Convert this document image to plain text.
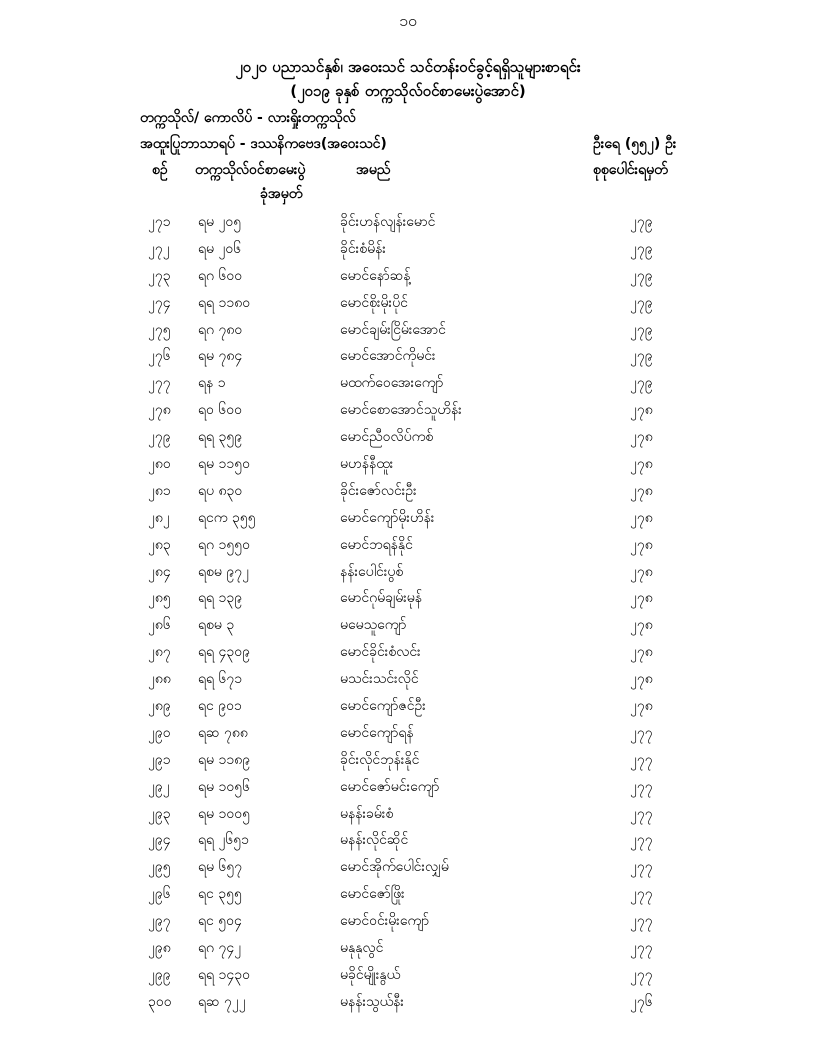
၁၀
၂၀၂၀ ပညာသင်နှစ်၊ အဝေးသင် သင်တန်းဝင်ခွင့်ရရှိသူများစာရင်း
(၂၀၁၉ ခုနှစ် တက္ကသိုလ်ဝင်စာမေးပွဲအောင်)
တက္ကသိုလ်/ ကောလိပ် - လားရှိုးတက္ကသိုလ်
အထူးပြုဘာသာရပ် - ဒဿနိကဗေဒ(အဝေးသင်)	ဦးရေ (၅၅၂) ဦး
စဉ် တက္ကသိုလ်ဝင်စာမေးပွဲ
ခုံအမှတ်
အမည်	စုစုပေါင်းရမှတ်
၂၇၁ ရမ ၂၀၅	ခိုင်းဟန်လျန်းမောင်	၂၇၉
၂၇၂ ရမ ၂၀၆	ခိုင်းစံမိန်း	၂၇၉
၂၇၃ ရဂ ၆၀၀	မောင်နော်ဆန့်	၂၇၉
၂၇၄ ရရ ၁၁၈၀	မောင်စိုးမိုးပိုင်	၂၇၉
၂၇၅ ရဂ ၇၈၀	မောင်ချမ်းငြိမ်းအောင်	၂၇၉
၂၇၆ ရမ ၇၈၄	မောင်အောင်ကိုမင်း	၂၇၉
၂၇၇ ရန ၁	မထက်ဝေအေးကျော်	၂၇၉
၂၇၈ ရဝ ၆၀၀	မောင်စောအောင်သူဟိန်း	၂၇၈
၂၇၉ ရရ ၃၅၉	မောင်ညီဝလိပ်ကစ်	၂၇၈
၂၈၀ ရမ ၁၁၅၀	မဟန်နီထူး	၂၇၈
၂၈၁ ရပ ၈၃၀	ခိုင်းဇော်လင်းဦး	၂၇၈
၂၈၂ ရငက ၃၅၅	မောင်ကျော်မိုးဟိန်း	၂၇၈
၂၈၃ ရဂ ၁၅၅၀	မောင်ဘရန်နိုင်	၂၇၈
၂၈၄ ရစမ ၉၇၂	နန်းပေါင်းပွစ်	၂၇၈
၂၈၅ ရရ ၁၃၉	မောင်ဂုမ်ချမ်းမုန်	၂၇၈
၂၈၆ ရစမ ၃	မမေသူကျော်	၂၇၈
၂၈၇ ရရ ၄၃၀၉	မောင်ခိုင်းစံလင်း	၂၇၈
၂၈၈ ရရ ၆၇၁	မသင်းသင်းလိုင်	၂၇၈
၂၈၉ ရင ၉၀၁	မောင်ကျော်ဇင်ဦး	၂၇၈
၂၉၀ ရဆ ၇၈၈	မောင်ကျော်ရန်	၂၇၇
၂၉၁ ရမ ၁၁၈၉	ခိုင်းလိုင်ဘုန်းနိုင်	၂၇၇
၂၉၂ ရမ ၁၀၅၆	မောင်ဇော်မင်းကျော်	၂၇၇
၂၉၃ ရမ ၁၀၀၅	မနန်းခမ်းစံ	၂၇၇
၂၉၄ ရရ ၂၆၅၁	မနန်းလိုင်ဆိုင်	၂၇၇
၂၉၅ ရမ ၆၅၇	မောင်အိုက်ပေါင်းလျှမ်	၂၇၇
၂၉၆ ရင ၃၅၅	မောင်ဇော်ဖြိုး	၂၇၇
၂၉၇ ရင ၅၀၄	မောင်ဝင်းမိုးကျော်	၂၇၇
၂၉၈ ရဂ ၇၄၂	မနုနုလွင်	၂၇၇
၂၉၉ ရရ ၁၄၃၀	မခိုင်မျိုးနွယ်	၂၇၇
၃၀၀ ရဆ ၇၂၂	မနန်းသွယ်နီး	၂၇၆
